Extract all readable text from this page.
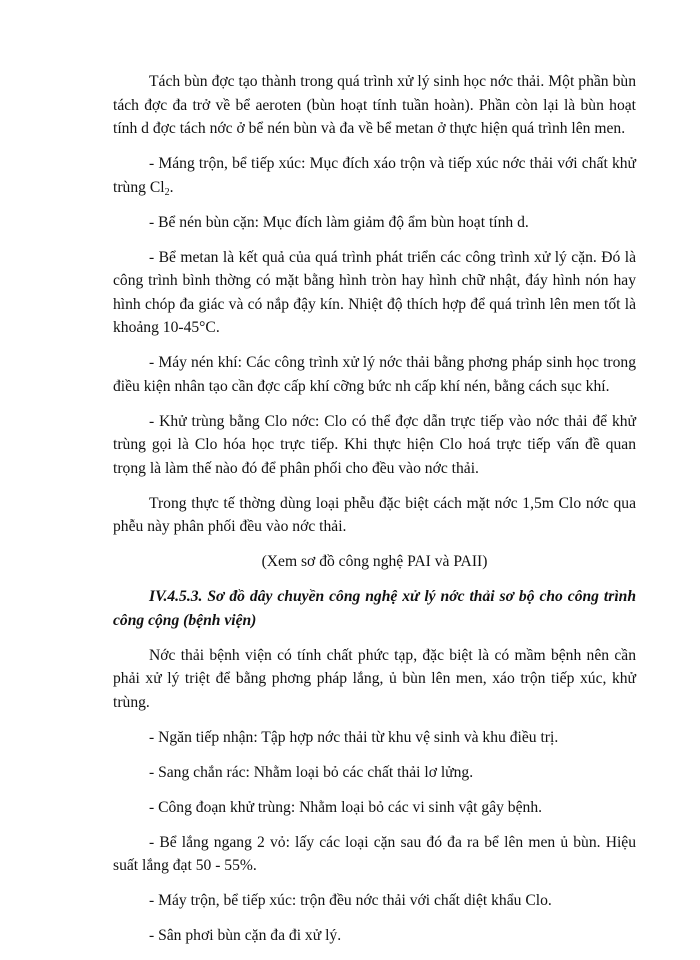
Tách bùn đợc tạo thành trong quá trình xử lý sinh học nớc thải. Một phần bùn tách đợc đa trở về bể aeroten (bùn hoạt tính tuần hoàn). Phần còn lại là bùn hoạt tính d đợc tách nớc ở bể nén bùn và đa về bể metan ở thực hiện quá trình lên men.

- Máng trộn, bể tiếp xúc: Mục đích xáo trộn và tiếp xúc nớc thải với chất khử trùng $Cl_2$.

- Bể nén bùn cặn: Mục đích làm giảm độ ẩm bùn hoạt tính d.

- Bể metan là kết quả của quá trình phát triển các công trình xử lý cặn. Đó là công trình bình thờng có mặt bằng hình tròn hay hình chữ nhật, đáy hình nón hay hình chóp đa giác và có nắp đậy kín. Nhiệt độ thích hợp để quá trình lên men tốt là khoảng 10-45°C.

- Máy nén khí: Các công trình xử lý nớc thải bằng phơng pháp sinh học trong điều kiện nhân tạo cần đợc cấp khí cỡng bức nh cấp khí nén, bằng cách sục khí.

- Khử trùng bằng Clo nớc: Clo có thể đợc dẫn trực tiếp vào nớc thải để khử trùng gọi là Clo hóa học trực tiếp. Khi thực hiện Clo hoá trực tiếp vấn đề quan trọng là làm thế nào đó để phân phối cho đều vào nớc thải.

Trong thực tế thờng dùng loại phễu đặc biệt cách mặt nớc 1,5m Clo nớc qua phễu này phân phối đều vào nớc thải.

(Xem sơ đồ công nghệ PAI và PAII)

IV.4.5.3. Sơ đồ dây chuyền công nghệ xử lý nớc thải sơ bộ cho công trình công cộng (bệnh viện)

Nớc thải bệnh viện có tính chất phức tạp, đặc biệt là có mầm bệnh nên cần phải xử lý triệt để bằng phơng pháp lắng, ủ bùn lên men, xáo trộn tiếp xúc, khử trùng.

- Ngăn tiếp nhận: Tập hợp nớc thải từ khu vệ sinh và khu điều trị.

- Sang chắn rác: Nhằm loại bỏ các chất thải lơ lửng.

- Công đoạn khử trùng: Nhằm loại bỏ các vi sinh vật gây bệnh.

- Bể lắng ngang 2 vỏ: lấy các loại cặn sau đó đa ra bể lên men ủ bùn. Hiệu suất lắng đạt 50 - 55%.

- Máy trộn, bể tiếp xúc: trộn đều nớc thải với chất diệt khẩu Clo.

- Sân phơi bùn cặn đa đi xử lý.
